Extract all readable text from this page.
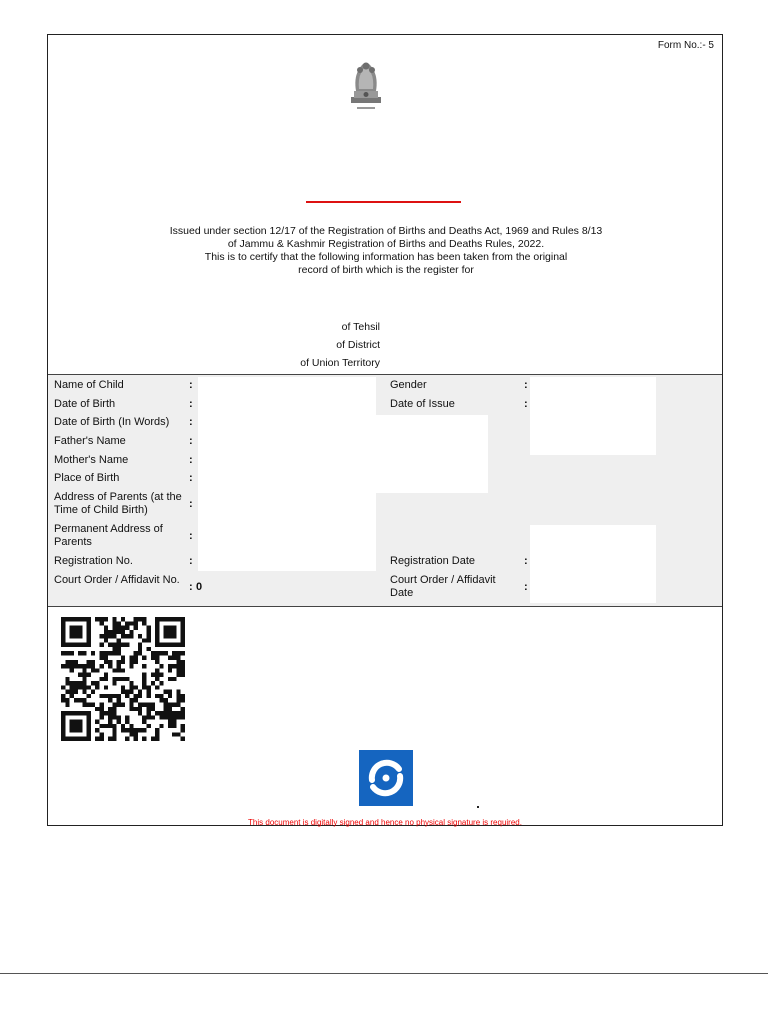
Form No.:- 5
Issued under section 12/17 of the Registration of Births and Deaths Act, 1969 and Rules 8/13
of Jammu & Kashmir Registration of Births and Deaths Rules, 2022.
This is to certify that the following information has been taken from the original
record of birth which is the register for
of Tehsil
of District
of Union Territory
Name of Child
Date of Birth
Date of Birth (In Words)
Father's Name
Mother's Name
Place of Birth
Address of Parents (at the Time of Child Birth)
Permanent Address of Parents
Registration No.
Court Order / Affidavit No.
:
:
:
:
:
:
:
:
:
: 0
Gender
Date of Issue
Registration Date
Court Order / Affidavit Date
:
:
:
:
This document is digitally signed and hence no physical signature is required.
